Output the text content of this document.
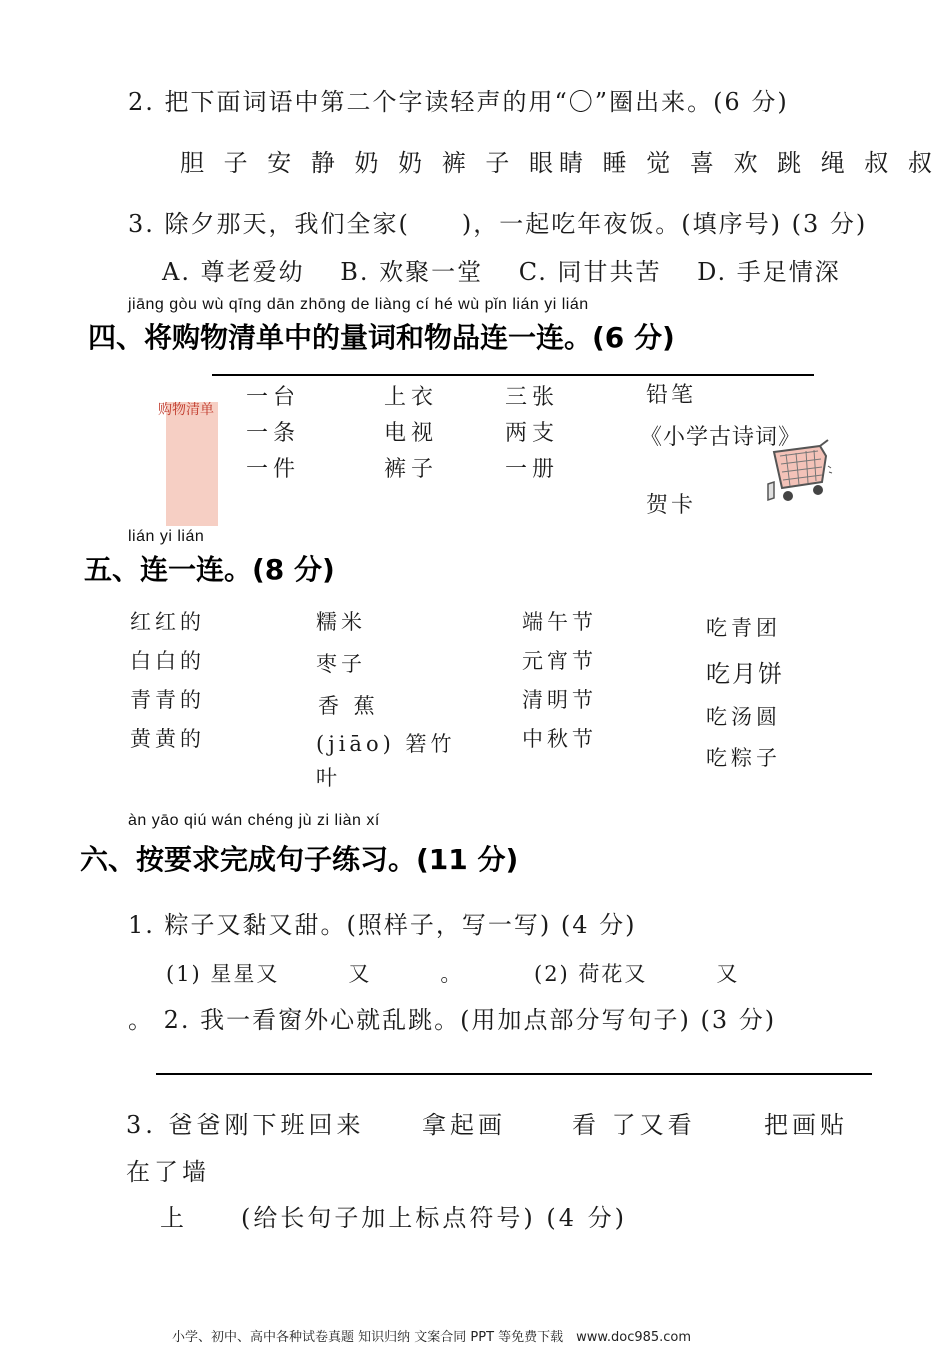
2. 把下面词语中第二个字读轻声的用“〇”圈出来。(6 分)
胆 子 安 静 奶 奶 裤 子 眼睛 睡 觉 喜 欢 跳 绳 叔 叔
3. 除夕那天，我们全家(　　)，一起吃年夜饭。(填序号) (3 分)
A. 尊老爱幼　 B. 欢聚一堂　 C. 同甘共苦　 D. 手足情深
jiāng gòu wù qīng dān zhōng de liàng cí hé wù pǐn lián yi lián
四、将购物清单中的量词和物品连一连。(6 分)
购物清单 一台
一条
一件
上衣
电视
裤子
三张
两支
一册
铅笔
《小学古诗词》
贺卡
lián yi lián
五、连一连。(8 分)
红红的
白白的
青青的
黄黄的
糯米
枣子
香 蕉
(jiāo) 箬竹
叶
端午节
元宵节
清明节
中秋节
吃青团
吃月饼
吃汤圆
吃粽子
àn yāo qiú wán chéng jù zi liàn xí
六、按要求完成句子练习。(11 分)
1. 粽子又黏又甜。(照样子，写一写) (4 分)
(1) 星星又　　　又　　　。	(2) 荷花又　　　又
。 2. 我一看窗外心就乱跳。(用加点部分写句子) (3 分)
3. 爸爸刚下班回来 拿起画	看 了又看	把画贴
在了墙
上　　(给长句子加上标点符号) (4 分)
小学、初中、高中各种试卷真题 知识归纳 文案合同 PPT 等免费下载　www.doc985.com
